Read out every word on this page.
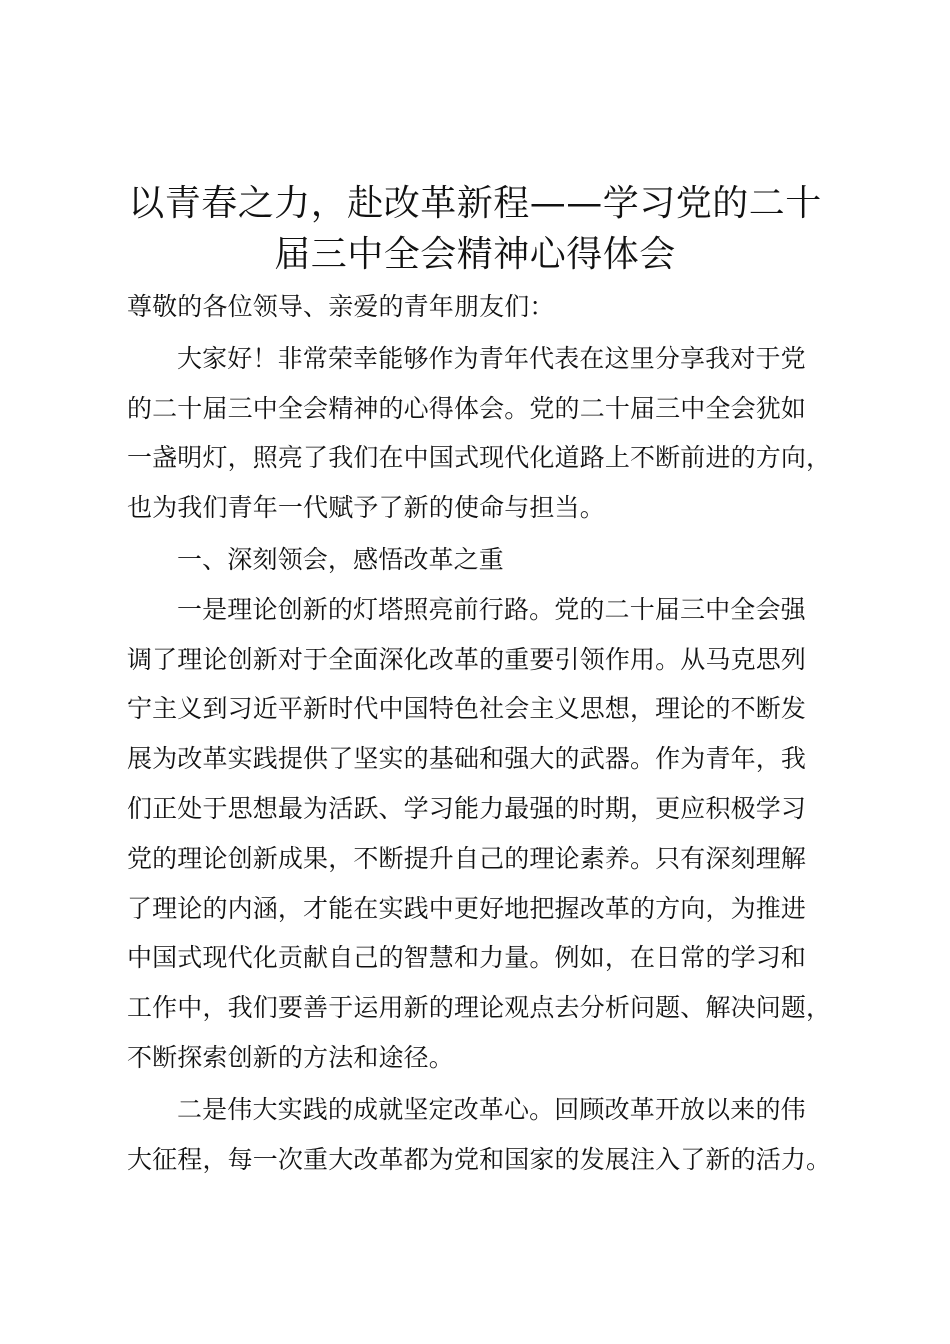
以青春之力，赴改革新程——学习党的二十
届三中全会精神心得体会
尊敬的各位领导、亲爱的青年朋友们：
大家好！非常荣幸能够作为青年代表在这里分享我对于党
的二十届三中全会精神的心得体会。党的二十届三中全会犹如
一盏明灯，照亮了我们在中国式现代化道路上不断前进的方向，
也为我们青年一代赋予了新的使命与担当。
一、深刻领会，感悟改革之重
一是理论创新的灯塔照亮前行路。党的二十届三中全会强
调了理论创新对于全面深化改革的重要引领作用。从马克思列
宁主义到习近平新时代中国特色社会主义思想，理论的不断发
展为改革实践提供了坚实的基础和强大的武器。作为青年，我
们正处于思想最为活跃、学习能力最强的时期，更应积极学习
党的理论创新成果，不断提升自己的理论素养。只有深刻理解
了理论的内涵，才能在实践中更好地把握改革的方向，为推进
中国式现代化贡献自己的智慧和力量。例如，在日常的学习和
工作中，我们要善于运用新的理论观点去分析问题、解决问题，
不断探索创新的方法和途径。
二是伟大实践的成就坚定改革心。回顾改革开放以来的伟
大征程，每一次重大改革都为党和国家的发展注入了新的活力。
